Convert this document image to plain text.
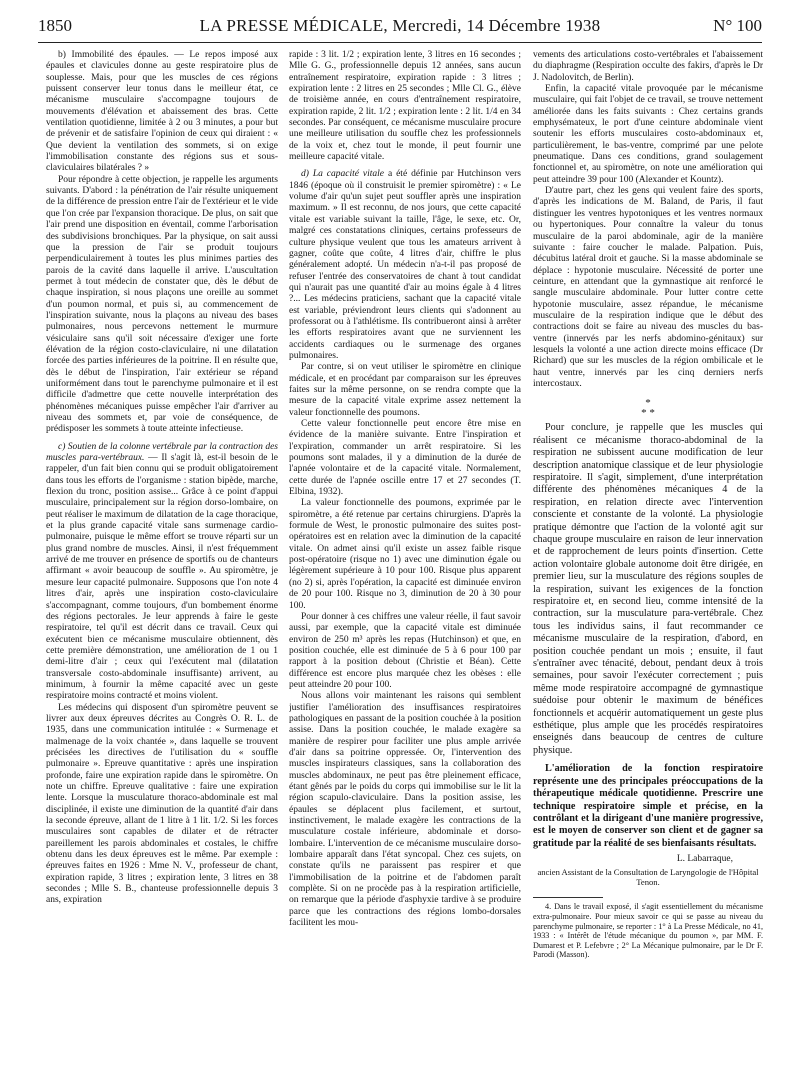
1850	LA PRESSE MÉDICALE, Mercredi, 14 Décembre 1938	N° 100

b) Immobilité des épaules. — Le repos imposé aux épaules et clavicules donne au geste respiratoire plus de souplesse. Mais, pour que les muscles de ces régions puissent conserver leur tonus dans le meilleur état, ce mécanisme musculaire s'accompagne toujours de mouvements d'élévation et abaissement des bras. Cette ventilation quotidienne, limitée à 2 ou 3 minutes, a pour but de prévenir et de satisfaire l'opinion de ceux qui diraient : « Que devient la ventilation des sommets, si on exige l'immobilisation constante des régions sus et sous-claviculaires bilatérales ? »

Pour répondre à cette objection, je rappelle les arguments suivants. D'abord : la pénétration de l'air résulte uniquement de la différence de pression entre l'air de l'extérieur et le vide que l'on crée par l'expansion thoracique. De plus, on sait que l'air prend une disposition en éventail, comme l'arborisation des subdivisions bronchiques. Par la physique, on sait aussi que la pression de l'air se produit toujours perpendiculairement à toutes les plus minimes parties des parois de la cavité dans laquelle il arrive. L'auscultation permet à tout médecin de constater que, dès le début de chaque inspiration, si nous plaçons une oreille au sommet d'un poumon normal, et puis si, au commencement de l'inspiration suivante, nous la plaçons au niveau des bases pulmonaires, nous percevons nettement le murmure vésiculaire sans qu'il soit nécessaire d'exiger une forte élévation de la région costo-claviculaire, ni une dilatation forcée des parties inférieures de la poitrine. Il en résulte que, dès le début de l'inspiration, l'air extérieur se répand uniformément dans tout le parenchyme pulmonaire et il est difficile d'admettre que cette nouvelle interprétation des phénomènes mécaniques puisse empêcher l'air d'arriver au niveau des sommets et, par voie de conséquence, de prédisposer les sommets à toute atteinte infectieuse.

c) Soutien de la colonne vertébrale par la contraction des muscles para-vertébraux. — Il s'agit là, est-il besoin de le rappeler, d'un fait bien connu qui se produit obligatoirement dans tous les efforts de l'organisme : station bipède, marche, flexion du tronc, position assise... Grâce à ce point d'appui musculaire, principalement sur la région dorso-lombaire, on peut réaliser le maximum de dilatation de la cage thoracique, et la plus grande capacité vitale sans surmenage cardio-pulmonaire, puisque le même effort se trouve réparti sur un plus grand nombre de muscles. Ainsi, il n'est fréquemment arrivé de me trouver en présence de sportifs ou de chanteurs affirmant « avoir beaucoup de souffle ». Au spiromètre, je mesure leur capacité pulmonaire. Supposons que l'on note 4 litres d'air, après une inspiration costo-claviculaire s'accompagnant, comme toujours, d'un bombement énorme des régions pectorales. Je leur apprends à faire le geste respiratoire, tel qu'il est décrit dans ce travail. Ceux qui exécutent bien ce mécanisme musculaire obtiennent, dès cette première démonstration, une amélioration de 1 ou 1 demi-litre d'air ; ceux qui l'exécutent mal (dilatation transversale costo-abdominale insuffisante) arrivent, au minimum, à fournir la même capacité avec un geste respiratoire moins contracté et moins violent.

Les médecins qui disposent d'un spiromètre peuvent se livrer aux deux épreuves décrites au Congrès O. R. L. de 1935, dans une communication intitulée : « Surmenage et malmenage de la voix chantée », dans laquelle se trouvent précisées les directives de l'utilisation du « souffle pulmonaire ». Epreuve quantitative : après une inspiration profonde, faire une expiration rapide dans le spiromètre. On note un chiffre. Epreuve qualitative : faire une expiration lente. Lorsque la musculature thoraco-abdominale est mal disciplinée, il existe une diminution de la quantité d'air dans la seconde épreuve, allant de 1 litre à 1 lit. 1/2. Si les forces musculaires sont capables de dilater et de rétracter pareillement les parois abdominales et costales, le chiffre obtenu dans les deux épreuves est le même. Par exemple : épreuves faites en 1926 : Mme N. V., professeur de chant, expiration rapide, 3 litres ; expiration lente, 3 litres en 38 secondes ; Mlle S. B., chanteuse professionnelle depuis 3 ans, expiration

rapide : 3 lit. 1/2 ; expiration lente, 3 litres en 16 secondes ; Mlle G. G., professionnelle depuis 12 années, sans aucun entraînement respiratoire, expiration rapide : 3 litres ; expiration lente : 2 litres en 25 secondes ; Mlle Cl. G., élève de troisième année, en cours d'entraînement respiratoire, expiration rapide, 2 lit. 1/2 ; expiration lente : 2 lit. 1/4 en 34 secondes. Par conséquent, ce mécanisme musculaire procure une meilleure utilisation du souffle chez les professionnels de la voix et, chez tout le monde, il peut fournir une meilleure capacité vitale.

d) La capacité vitale a été définie par Hutchinson vers 1846 (époque où il construisit le premier spiromètre) : « Le volume d'air qu'un sujet peut souffler après une inspiration maximum. » Il est reconnu, de nos jours, que cette capacité vitale est variable suivant la taille, l'âge, le sexe, etc. Or, malgré ces constatations cliniques, certains professeurs de culture physique veulent que tous les amateurs arrivent à gagner, coûte que coûte, 4 litres d'air, chiffre le plus généralement adopté. Un médecin n'a-t-il pas proposé de refuser l'entrée des conservatoires de chant à tout candidat qui n'aurait pas une quantité d'air au moins égale à 4 litres ?... Les médecins praticiens, sachant que la capacité vitale est variable, préviendront leurs clients qui s'adonnent au professorat ou à l'athlétisme. Ils contribueront ainsi à arrêter les efforts respiratoires avant que ne surviennent les accidents cardiaques ou le surmenage des organes pulmonaires.

Par contre, si on veut utiliser le spiromètre en clinique médicale, et en procédant par comparaison sur les épreuves faites sur la même personne, on se rendra compte que la mesure de la capacité vitale exprime assez nettement la valeur fonctionnelle des poumons.

Cette valeur fonctionnelle peut encore être mise en évidence de la manière suivante. Entre l'inspiration et l'expiration, commander un arrêt respiratoire. Si les poumons sont malades, il y a diminution de la durée de l'apnée volontaire et de la capacité vitale. Normalement, cette durée de l'apnée oscille entre 17 et 27 secondes (T. Elbina, 1932).

La valeur fonctionnelle des poumons, exprimée par le spiromètre, a été retenue par certains chirurgiens. D'après la formule de West, le pronostic pulmonaire des suites post-opératoires est en relation avec la diminution de la capacité vitale. On admet ainsi qu'il existe un assez faible risque post-opératoire (risque no 1) avec une diminution égale ou légèrement supérieure à 10 pour 100. Risque plus apparent (no 2) si, après l'opération, la capacité est diminuée environ de 20 pour 100. Risque no 3, diminution de 20 à 30 pour 100.

Pour donner à ces chiffres une valeur réelle, il faut savoir aussi, par exemple, que la capacité vitale est diminuée environ de 250 m³ après les repas (Hutchinson) et que, en position couchée, elle est diminuée de 5 à 6 pour 100 par rapport à la position debout (Christie et Béan). Cette différence est encore plus marquée chez les obèses : elle peut atteindre 20 pour 100.

Nous allons voir maintenant les raisons qui semblent justifier l'amélioration des insuffisances respiratoires pathologiques en passant de la position couchée à la position assise. Dans la position couchée, le malade exagère sa manière de respirer pour faciliter une plus ample arrivée d'air dans sa poitrine oppressée. Or, l'intervention des muscles inspirateurs classiques, sans la collaboration des muscles abdominaux, ne peut pas être pleinement efficace, étant gênés par le poids du corps qui immobilise sur le lit la région scapulo-claviculaire. Dans la position assise, les épaules se déplacent plus facilement, et surtout, instinctivement, le malade exagère les contractions de la musculature costale inférieure, abdominale et dorso-lombaire. L'intervention de ce mécanisme musculaire dorso-lombaire apparaît dans l'état syncopal. Chez ces sujets, on constate qu'ils ne paraissent pas respirer et que l'immobilisation de la poitrine et de l'abdomen paraît complète. Si on ne procède pas à la respiration artificielle, on remarque que la période d'asphyxie tardive à se produire parce que les contractions des régions lombo-dorsales facilitent les mou-

vements des articulations costo-vertébrales et l'abaissement du diaphragme (Respiration occulte des fakirs, d'après le Dr J. Nadolovitch, de Berlin).

Enfin, la capacité vitale provoquée par le mécanisme musculaire, qui fait l'objet de ce travail, se trouve nettement améliorée dans les faits suivants : Chez certains grands emphysémateux, le port d'une ceinture abdominale vient soutenir les efforts musculaires costo-abdominaux et, particulièrement, le bas-ventre, comprimé par une pelote pneumatique. Dans ces conditions, grand soulagement fonctionnel et, au spiromètre, on note une amélioration qui peut atteindre 39 pour 100 (Alexander et Kountz).

D'autre part, chez les gens qui veulent faire des sports, d'après les indications de M. Baland, de Paris, il faut distinguer les ventres hypotoniques et les ventres normaux ou hypertoniques. Pour connaître la valeur du tonus musculaire de la paroi abdominale, agir de la manière suivante : faire coucher le malade. Palpation. Puis, décubitus latéral droit et gauche. Si la masse abdominale se déplace : hypotonie musculaire. Nécessité de porter une ceinture, en attendant que la gymnastique ait renforcé le sangle musculaire abdominale. Pour lutter contre cette hypotonie musculaire, assez répandue, le mécanisme musculaire de la respiration indique que le début des contractions doit se faire au niveau des muscles du bas-ventre (innervés par les nerfs abdomino-génitaux) sur lesquels la volonté a une action directe moins efficace (Dr Richard) que sur les muscles de la région ombilicale et le haut ventre, innervés par les cinq derniers nerfs intercostaux.

*
* *

Pour conclure, je rappelle que les muscles qui réalisent ce mécanisme thoraco-abdominal de la respiration ne subissent aucune modification de leur description anatomique classique et de leur physiologie respiratoire. Il s'agit, simplement, d'une interprétation différente des phénomènes mécaniques 4 de la respiration, en relation directe avec l'intervention consciente et constante de la volonté. La physiologie pratique démontre que l'action de la volonté agit sur chaque groupe musculaire en raison de leur innervation et de rapprochement de leurs points d'insertion. Cette action volontaire globale autonome doit être dirigée, en premier lieu, sur la musculature des régions souples de la respiration, suivant les exigences de la fonction respiratoire et, en second lieu, comme intensité de la contraction, sur la musculature para-vertébrale. Chez tous les individus sains, il faut recommander ce mécanisme musculaire de la respiration, d'abord, en position couchée pendant un mois ; ensuite, il faut s'entraîner avec ténacité, debout, pendant deux à trois semaines, pour savoir l'exécuter correctement ; puis même mode respiratoire accompagné de gymnastique suédoise pour obtenir le maximum de bénéfices fonctionnels et acquérir automatiquement un geste plus esthétique, plus ample que les procédés respiratoires enseignés dans beaucoup de centres de culture physique.

L'amélioration de la fonction respiratoire représente une des principales préoccupations de la thérapeutique médicale quotidienne. Prescrire une technique respiratoire simple et précise, en la contrôlant et la dirigeant d'une manière progressive, est le moyen de conserver son client et de gagner sa gratitude par la réalité de ses bienfaisants résultats.

L. Labarraque,
ancien Assistant de la Consultation de Laryngologie de l'Hôpital Tenon.

4. Dans le travail exposé, il s'agit essentiellement du mécanisme extra-pulmonaire. Pour mieux savoir ce qui se passe au niveau du parenchyme pulmonaire, se reporter : 1° à La Presse Médicale, no 41, 1933 : « Intérêt de l'étude mécanique du poumon », par MM. F. Dumarest et P. Lefebvre ; 2° La Mécanique pulmonaire, par le Dr F. Parodi (Masson).
